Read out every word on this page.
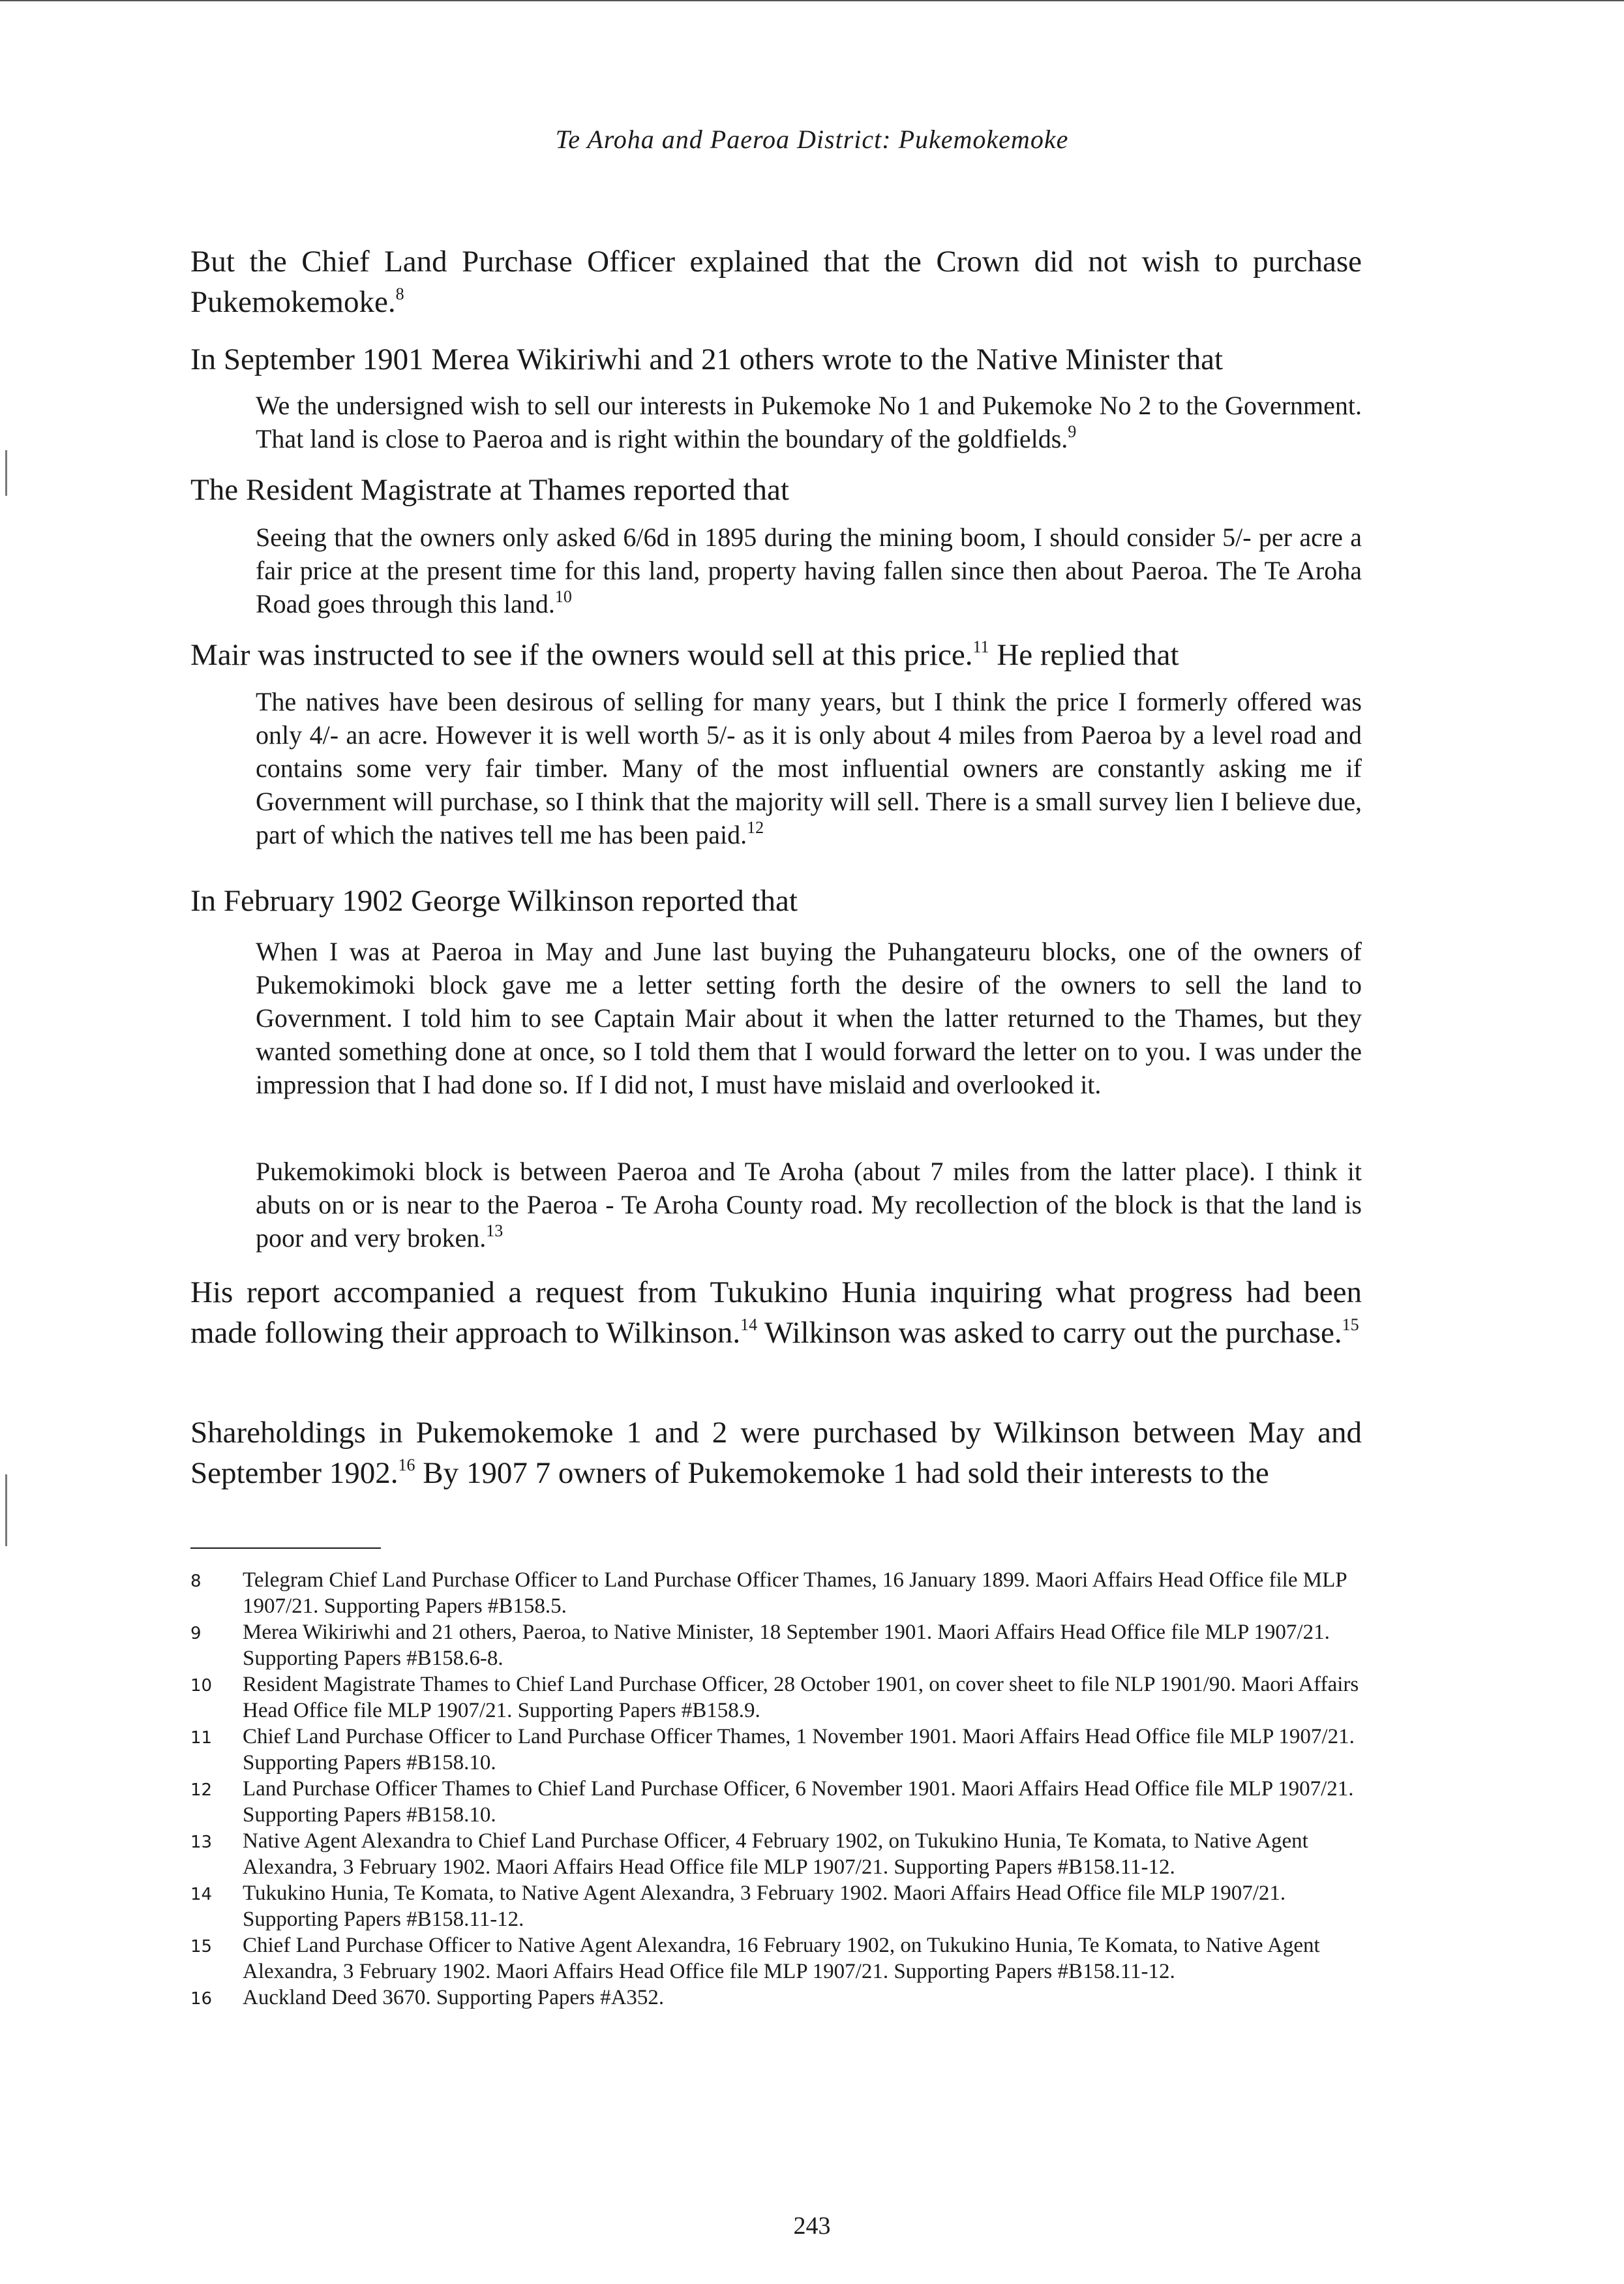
Te Aroha and Paeroa District: Pukemokemoke

But the Chief Land Purchase Officer explained that the Crown did not wish to purchase Pukemokemoke.$^8$

In September 1901 Merea Wikiriwhi and 21 others wrote to the Native Minister that

We the undersigned wish to sell our interests in Pukemoke No 1 and Pukemoke No 2 to the Government. That land is close to Paeroa and is right within the boundary of the goldfields.$^9$

The Resident Magistrate at Thames reported that

Seeing that the owners only asked 6/6d in 1895 during the mining boom, I should consider 5/- per acre a fair price at the present time for this land, property having fallen since then about Paeroa. The Te Aroha Road goes through this land.$^{10}$

Mair was instructed to see if the owners would sell at this price.$^{11}$ He replied that

The natives have been desirous of selling for many years, but I think the price I formerly offered was only 4/- an acre. However it is well worth 5/- as it is only about 4 miles from Paeroa by a level road and contains some very fair timber. Many of the most influential owners are constantly asking me if Government will purchase, so I think that the majority will sell. There is a small survey lien I believe due, part of which the natives tell me has been paid.$^{12}$

In February 1902 George Wilkinson reported that

When I was at Paeroa in May and June last buying the Puhangateuru blocks, one of the owners of Pukemokimoki block gave me a letter setting forth the desire of the owners to sell the land to Government. I told him to see Captain Mair about it when the latter returned to the Thames, but they wanted something done at once, so I told them that I would forward the letter on to you. I was under the impression that I had done so. If I did not, I must have mislaid and overlooked it.

Pukemokimoki block is between Paeroa and Te Aroha (about 7 miles from the latter place). I think it abuts on or is near to the Paeroa - Te Aroha County road. My recollection of the block is that the land is poor and very broken.$^{13}$

His report accompanied a request from Tukukino Hunia inquiring what progress had been made following their approach to Wilkinson.$^{14}$ Wilkinson was asked to carry out the purchase.$^{15}$

Shareholdings in Pukemokemoke 1 and 2 were purchased by Wilkinson between May and September 1902.16 By 1907 7 owners of Pukemokemoke 1 had sold their interests to the

8	Telegram Chief Land Purchase Officer to Land Purchase Officer Thames, 16 January 1899. Maori Affairs Head Office file MLP 1907/21. Supporting Papers #B158.5.
9	Merea Wikiriwhi and 21 others, Paeroa, to Native Minister, 18 September 1901. Maori Affairs Head Office file MLP 1907/21. Supporting Papers #B158.6-8.
10	Resident Magistrate Thames to Chief Land Purchase Officer, 28 October 1901, on cover sheet to file NLP 1901/90. Maori Affairs Head Office file MLP 1907/21. Supporting Papers #B158.9.
11	Chief Land Purchase Officer to Land Purchase Officer Thames, 1 November 1901. Maori Affairs Head Office file MLP 1907/21. Supporting Papers #B158.10.
12	Land Purchase Officer Thames to Chief Land Purchase Officer, 6 November 1901. Maori Affairs Head Office file MLP 1907/21. Supporting Papers #B158.10.
13	Native Agent Alexandra to Chief Land Purchase Officer, 4 February 1902, on Tukukino Hunia, Te Komata, to Native Agent Alexandra, 3 February 1902. Maori Affairs Head Office file MLP 1907/21. Supporting Papers #B158.11-12.
14	Tukukino Hunia, Te Komata, to Native Agent Alexandra, 3 February 1902. Maori Affairs Head Office file MLP 1907/21. Supporting Papers #B158.11-12.
15	Chief Land Purchase Officer to Native Agent Alexandra, 16 February 1902, on Tukukino Hunia, Te Komata, to Native Agent Alexandra, 3 February 1902. Maori Affairs Head Office file MLP 1907/21. Supporting Papers #B158.11-12.
16	Auckland Deed 3670. Supporting Papers #A352.
243
